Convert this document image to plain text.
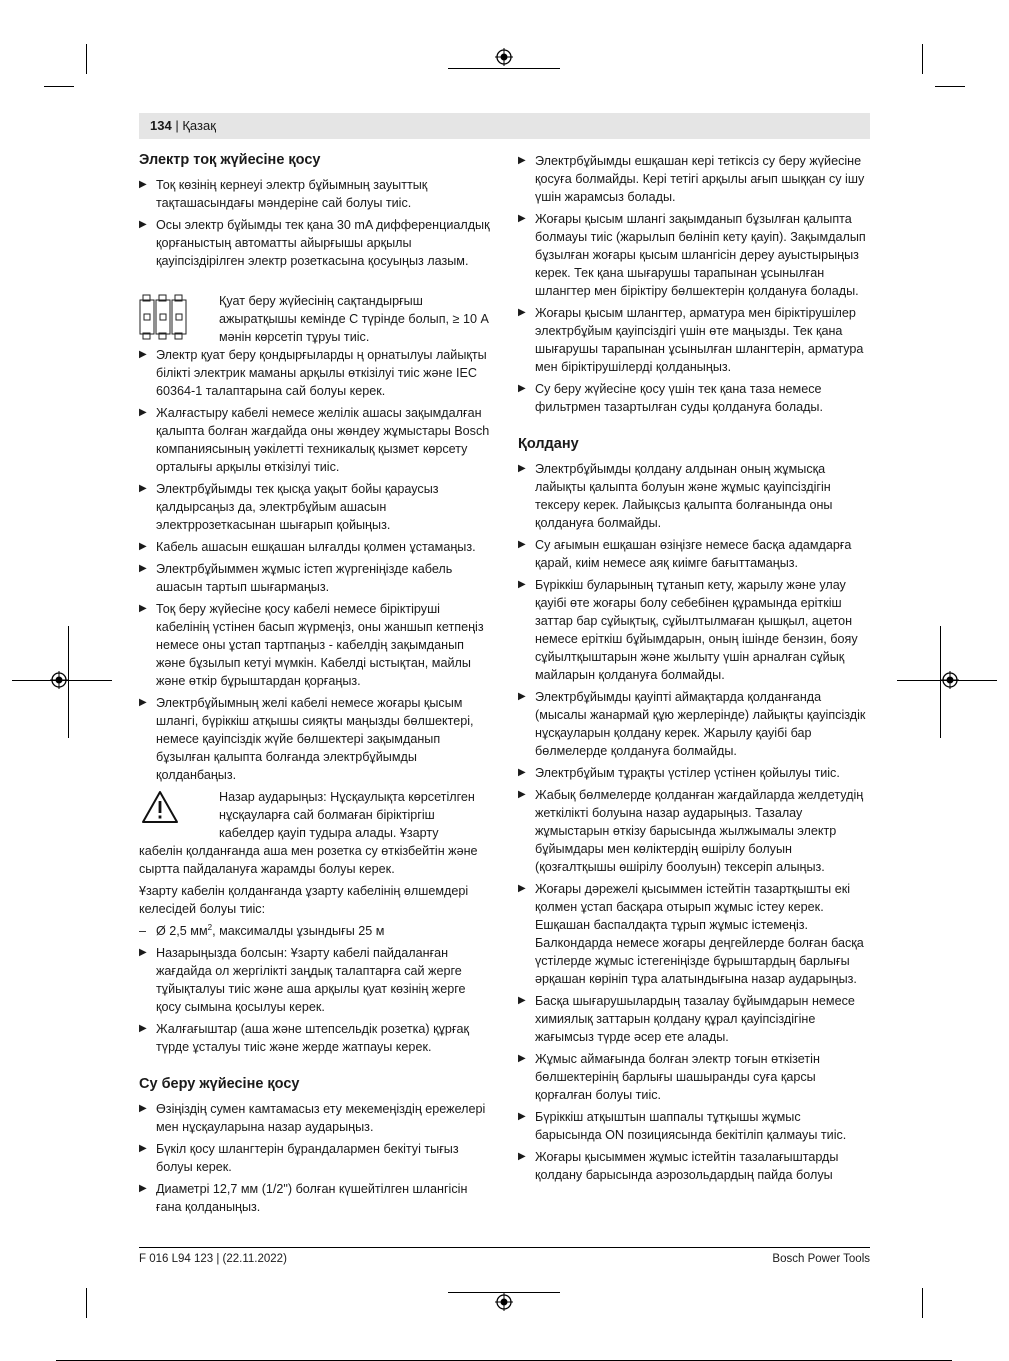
134 | Қазақ
Электр тоқ жүйесіне қосу
▶ Тоқ көзінің кернеуі электр бұйымның зауыттық тақташасындағы мәндеріне сай болуы тиіс.
▶ Осы электр бұйымды тек қана 30 mA дифференциалдық қорғаныстың автоматты айырғышы арқылы қауіпсіздірілген электр розеткасына қосуыңыз лазым.
Қуат беру жүйесінің сақтандырғыш ажыратқышы кемінде С түрінде болып, ≥ 10 А мәнін көрсетіп тұруы тиіс.
▶ Электр қуат беру қондырғыларды ң орнатылуы лайықты білікті электрик маманы арқылы өткізілуі тиіс және IEC 60364-1 талаптарына сай болуы керек.
▶ Жалғастыру кабелі немесе желілік ашасы зақымдалған қалыпта болған жағдайда оны жөндеу жұмыстары Bosch компаниясының уәкілетті техникалық қызмет көрсету орталығы арқылы өткізілуі тиіс.
▶ Электрбұйымды тек қысқа уақыт бойы қараусыз қалдырсаңыз да, электрбұйым ашасын электррозеткасынан шығарып қойыңыз.
▶ Кабель ашасын ешқашан ылғалды қолмен ұстамаңыз.
▶ Электрбұйыммен жұмыс істеп жүргеніңізде кабель ашасын тартып шығармаңыз.
▶ Тоқ беру жүйесіне қосу кабелі немесе біріктіруші кабелінің үстінен басып жүрмеңіз, оны жаншып кетпеңіз немесе оны ұстап тартпаңыз - кабелдің зақымданып және бұзылып кетуі мүмкін. Кабелді ыстықтан, майлы және өткір бұрыштардан қорғаңыз.
▶ Электрбұйымның желі кабелі немесе жоғары қысым шлангі, бүріккіш атқышы сияқты маңызды бөлшектері, немесе қауіпсіздік жүйе бөлшектері зақымданып бұзылған қалыпта болғанда электрбұйымды қолданбаңыз.
Назар аударыңыз: Нұсқаулықта көрсетілген нұсқауларға сай болмаған біріктіргіш кабелдер қауіп тудыра алады. Ұзарту
кабелін қолданғанда аша мен розетка су өткізбейтін және сыртта пайдалануға жарамды болуы керек.

Ұзарту кабелін қолданғанда ұзарту кабелінің өлшемдері келесідей болуы тиіс:

– Ø 2,5 $мм^2$, максималды ұзындығы 25 м
▶ Назарыңызда болсын: Ұзарту кабелі пайдаланған жағдайда ол жергілікті заңдық талаптарға сай жерге тұйықталуы тиіс және аша арқылы қуат көзінің жерге қосу сымына қосылуы керек.
▶ Жалғағыштар (аша және штепсельдік розетка) құрғақ түрде ұсталуы тиіс және жерде жатпауы керек.
Су беру жүйесіне қосу
▶ Өзіңіздің сумен камтамасыз ету мекемеңіздің ережелері мен нұсқауларына назар аударыңыз.
▶ Бүкіл қосу шлангтерін бұрандалармен бекітуі тығыз болуы керек.
▶ Диаметрі 12,7 мм (1/2") болған күшейтілген шлангісін ғана қолданыңыз.
▶ Электрбұйымды ешқашан кері тетіксіз су беру жүйесіне қосуға болмайды. Кері тетігі арқылы ағып шыққан су ішу үшін жарамсыз болады.
▶ Жоғары қысым шлангі зақымданып бұзылған қалыпта болмауы тиіс (жарылып бөлініп кету қауіп). Зақымдалып бұзылған жоғары қысым шлангісін дереу ауыстырыңыз керек. Тек қана шығарушы тарапынан ұсынылған шлангтер мен біріктіру бөлшектерін қолдануға болады.
▶ Жоғары қысым шлангтер, арматура мен біріктірушілер электрбұйым қауіпсіздігі үшін өте маңызды. Тек қана шығарушы тарапынан ұсынылған шлангтерін, арматура мен біріктірушілерді қолданыңыз.
▶ Су беру жүйесіне қосу үшін тек қана таза немесе фильтрмен тазартылған суды қолдануға болады.
Қолдану
▶ Электрбұйымды қолдану алдынан оның жұмысқа лайықты қалыпта болуын және жұмыс қауіпсіздігін тексеру керек. Лайықсыз қалыпта болғанында оны қолдануға болмайды.
▶ Су ағымын ешқашан өзіңізге немесе басқа адамдарға қарай, киім немесе аяқ киімге бағыттамаңыз.
▶ Бүріккіш буларының тұтанып кету, жарылу және улау қауібі өте жоғары болу себебінен құрамында еріткіш заттар бар сұйықтық, сұйылтылмаған қышқыл, ацетон немесе еріткіш бұйымдарын, оның ішінде бензин, бояу сұйылтқыштарын және жылыту үшін арналған сұйық майларын қолдануға болмайды.
▶ Электрбұйымды қауіпті аймақтарда қолданғанда (мысалы жанармай құю жерлерінде) лайықты қауіпсіздік нұсқауларын қолдану керек. Жарылу қауібі бар бөлмелерде қолдануға болмайды.
▶ Электрбұйым тұрақты үстілер үстінен қойылуы тиіс.
▶ Жабық бөлмелерде қолданған жағдайларда желдетудің жеткілікті болуына назар аударыңыз. Тазалау жұмыстарын өткізу барысында жылжымалы электр бұйымдары мен көліктердің өшірілу болуын (қозғалтқышы өшірілу боолуын) тексеріп алыңыз.
▶ Жоғары дәрежелі қысыммен істейтін тазартқышты екі қолмен ұстап басқара отырып жұмыс істеу керек. Ешқашан баспалдақта тұрып жұмыс істемеңіз. Балкондарда немесе жоғары деңгейлерде болған басқа үстілерде жұмыс істегеніңізде бұрыштардың барлығы әрқашан көрініп тұра алатындығына назар аударыңыз.
▶ Басқа шығарушылардың тазалау бұйымдарын немесе химиялық заттарын қолдану құрал қауіпсіздігіне жағымсыз түрде әсер ете алады.
▶ Жұмыс аймағында болған электр тоғын өткізетін бөлшектерінің барлығы шашыранды суға қарсы қорғалған болуы тиіс.
▶ Бүріккіш атқыштын шаппалы тұтқышы жұмыс барысында ON позициясында бекітіліп қалмауы тиіс.
▶ Жоғары қысыммен жұмыс істейтін тазалағыштарды қолдану барысында аэрозольдардың пайда болуы
F 016 L94 123 | (22.11.2022)	Bosch Power Tools
